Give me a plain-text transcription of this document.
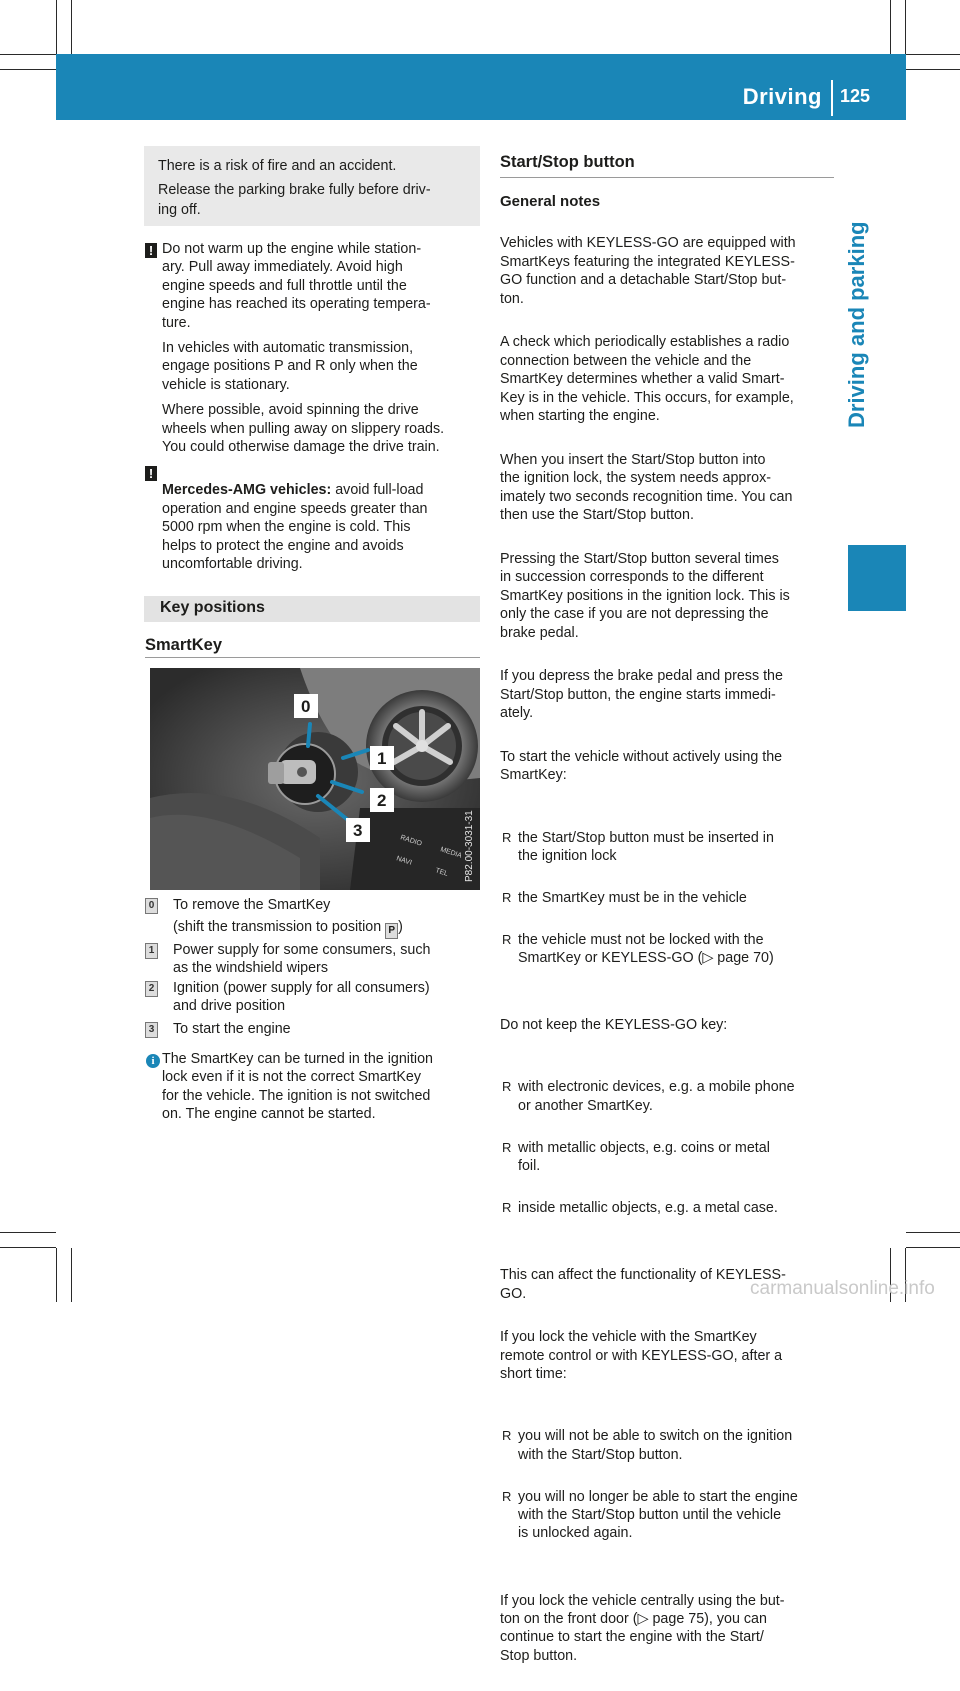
Driving 125
Driving and parking

There is a risk of fire and an accident.

Release the parking brake fully before driv-
ing off.

! Do not warm up the engine while station-
ary. Pull away immediately. Avoid high
engine speeds and full throttle until the
engine has reached its operating tempera-
ture.

In vehicles with automatic transmission,
engage positions P and R only when the
vehicle is stationary.

Where possible, avoid spinning the drive
wheels when pulling away on slippery roads.
You could otherwise damage the drive train.

!

Mercedes-AMG vehicles: avoid full-load
operation and engine speeds greater than
5000 rpm when the engine is cold. This
helps to protect the engine and avoids
uncomfortable driving.

Key positions
SmartKey
RADIO
MEDIA
NAVI
TEL
0
1
2
3	P82.00-3031-31
0 To remove the SmartKey
(shift the transmission to position P )
1 Power supply for some consumers, such
as the windshield wipers
2 Ignition (power supply for all consumers)
and drive position
3 To start the engine
i The SmartKey can be turned in the ignition
lock even if it is not the correct SmartKey
for the vehicle. The ignition is not switched
on. The engine cannot be started.
Start/Stop button
General notes

Vehicles with KEYLESS-GO are equipped with
SmartKeys featuring the integrated KEYLESS-
GO function and a detachable Start/Stop but-
ton.

A check which periodically establishes a radio
connection between the vehicle and the
SmartKey determines whether a valid Smart-
Key is in the vehicle. This occurs, for example,
when starting the engine.

When you insert the Start/Stop button into
the ignition lock, the system needs approx-
imately two seconds recognition time. You can
then use the Start/Stop button.

Pressing the Start/Stop button several times
in succession corresponds to the different
SmartKey positions in the ignition lock. This is
only the case if you are not depressing the
brake pedal.

If you depress the brake pedal and press the
Start/Stop button, the engine starts immedi-
ately.

To start the vehicle without actively using the
SmartKey:

R the Start/Stop button must be inserted in
the ignition lock

R the SmartKey must be in the vehicle

R the vehicle must not be locked with the
SmartKey or KEYLESS-GO (▷ page 70)

Do not keep the KEYLESS-GO key:

R with electronic devices, e.g. a mobile phone
or another SmartKey.

R with metallic objects, e.g. coins or metal
foil.

R inside metallic objects, e.g. a metal case.

This can affect the functionality of KEYLESS-
GO.

If you lock the vehicle with the SmartKey
remote control or with KEYLESS-GO, after a
short time:

R you will not be able to switch on the ignition
with the Start/Stop button.

R you will no longer be able to start the engine
with the Start/Stop button until the vehicle
is unlocked again.

If you lock the vehicle centrally using the but-
ton on the front door (▷ page 75), you can
continue to start the engine with the Start/
Stop button.

carmanualsonline.info
